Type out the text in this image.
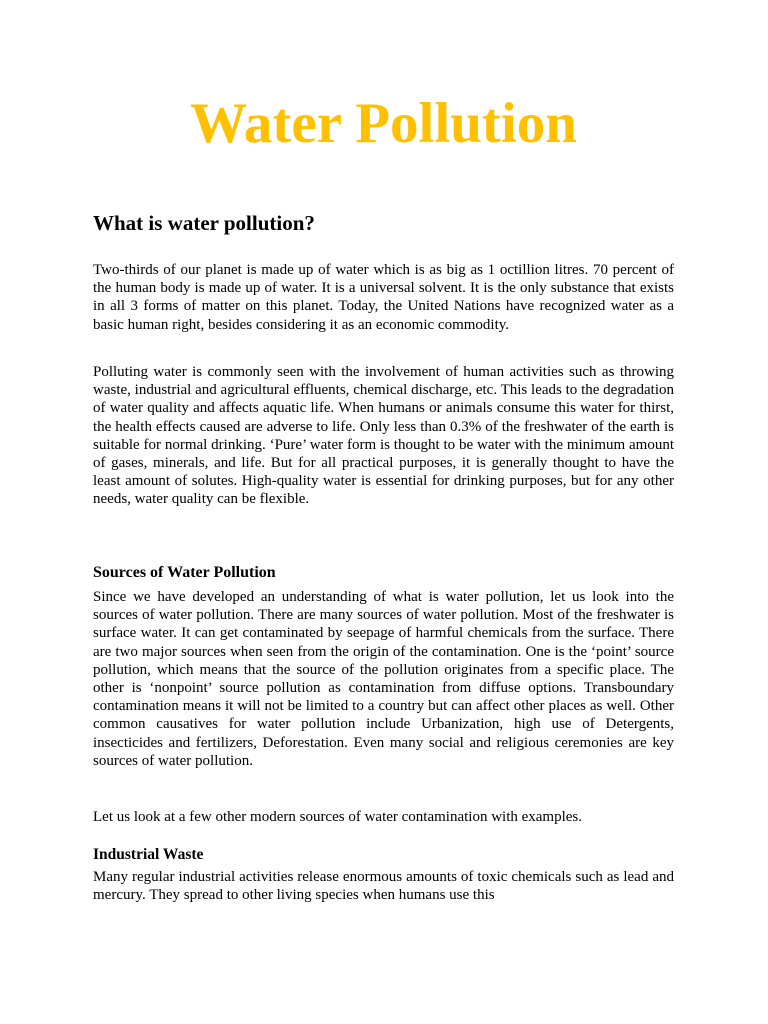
Water Pollution
What is water pollution?

Two-thirds of our planet is made up of water which is as big as 1 octillion litres. 70 percent of the human body is made up of water. It is a universal solvent. It is the only substance that exists in all 3 forms of matter on this planet. Today, the United Nations have recognized water as a basic human right, besides considering it as an economic commodity.

Polluting water is commonly seen with the involvement of human activities such as throwing waste, industrial and agricultural effluents, chemical discharge, etc. This leads to the degradation of water quality and affects aquatic life. When humans or animals consume this water for thirst, the health effects caused are adverse to life. Only less than 0.3% of the freshwater of the earth is suitable for normal drinking. ‘Pure’ water form is thought to be water with the minimum amount of gases, minerals, and life. But for all practical purposes, it is generally thought to have the least amount of solutes. High-quality water is essential for drinking purposes, but for any other needs, water quality can be flexible.

Sources of Water Pollution

Since we have developed an understanding of what is water pollution, let us look into the sources of water pollution. There are many sources of water pollution. Most of the freshwater is surface water. It can get contaminated by seepage of harmful chemicals from the surface. There are two major sources when seen from the origin of the contamination. One is the ‘point’ source pollution, which means that the source of the pollution originates from a specific place. The other is ‘nonpoint’ source pollution as contamination from diffuse options. Transboundary contamination means it will not be limited to a country but can affect other places as well. Other common causatives for water pollution include Urbanization, high use of Detergents, insecticides and fertilizers, Deforestation. Even many social and religious ceremonies are key sources of water pollution.

Let us look at a few other modern sources of water contamination with examples.

Industrial Waste

Many regular industrial activities release enormous amounts of toxic chemicals such as lead and mercury. They spread to other living species when humans use this
